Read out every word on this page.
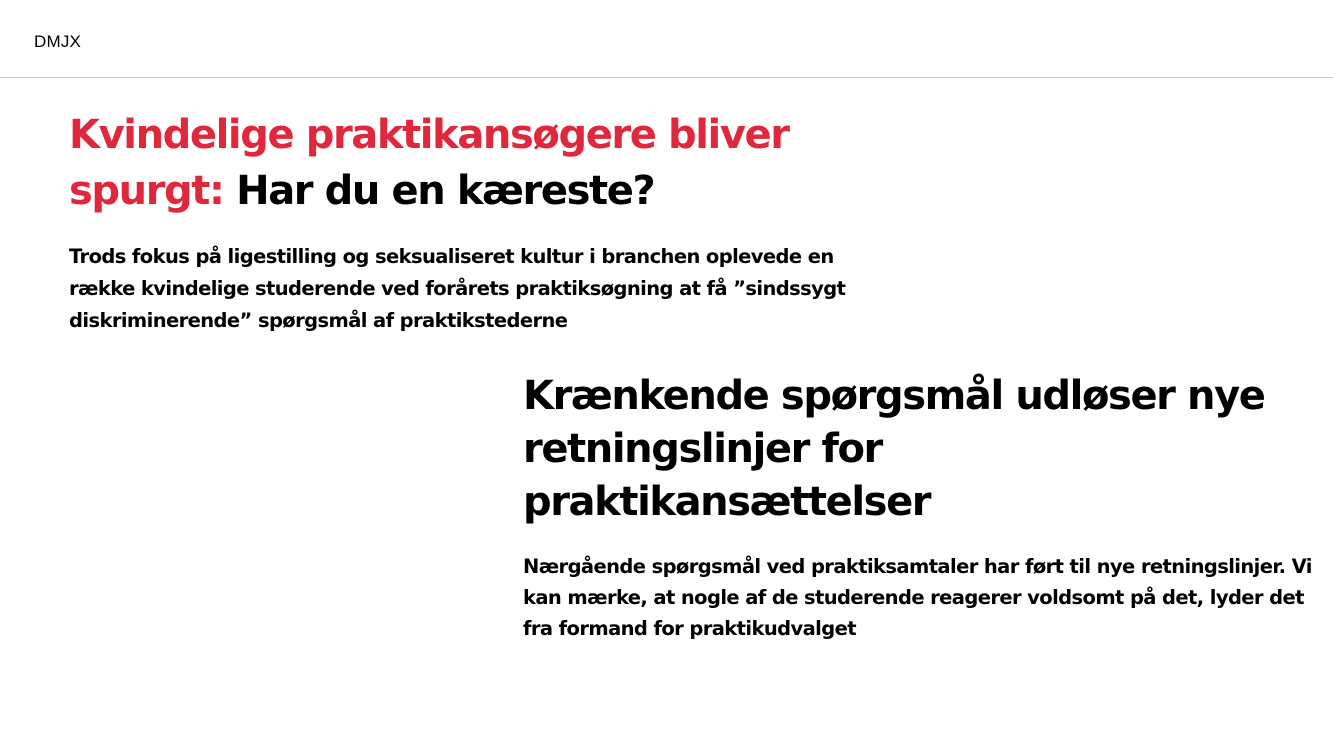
DMJX
Kvindelige praktikansøgere bliver spurgt: Har du en kæreste?

Trods fokus på ligestilling og seksualiseret kultur i branchen oplevede en række kvindelige studerende ved forårets praktiksøgning at få ”sindssygt diskriminerende” spørgsmål af praktikstederne

Krænkende spørgsmål udløser nye retningslinjer for praktikansættelser

Nærgående spørgsmål ved praktiksamtaler har ført til nye retningslinjer. Vi kan mærke, at nogle af de studerende reagerer voldsomt på det, lyder det fra formand for praktikudvalget
